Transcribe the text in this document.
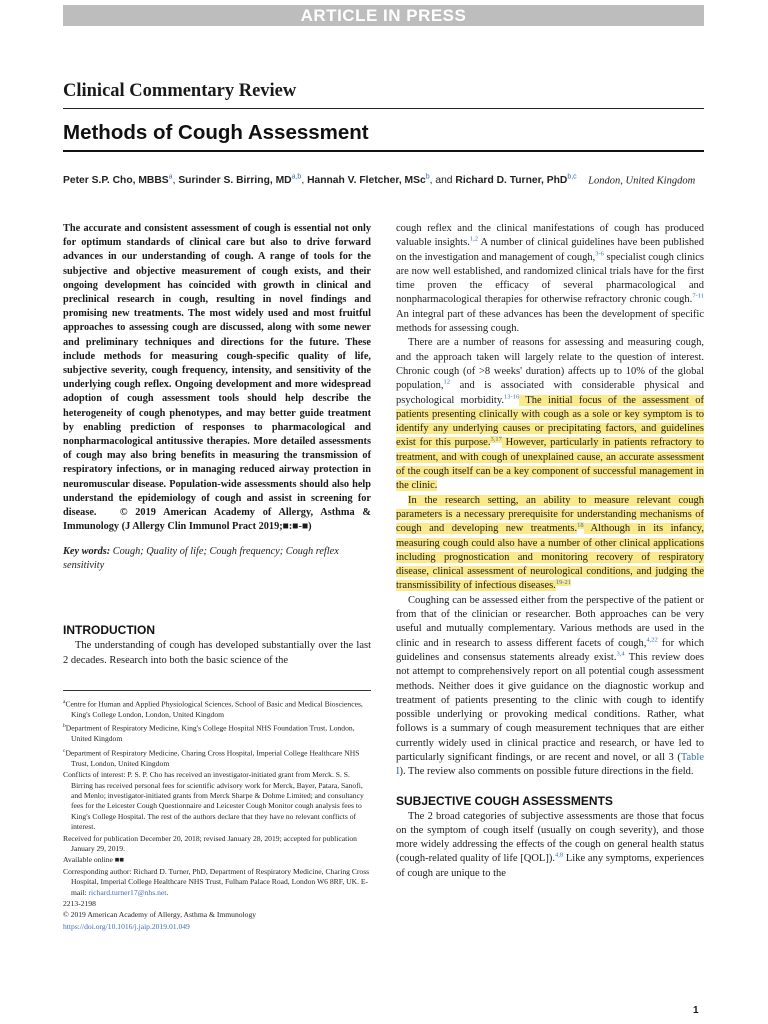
ARTICLE IN PRESS
Clinical Commentary Review
Methods of Cough Assessment
Peter S.P. Cho, MBBS$^a$, Surinder S. Birring, MD$^{a,b}$, Hannah V. Fletcher, MSc$^b$, and Richard D. Turner, PhD$^{b,c}$ London, United Kingdom

The accurate and consistent assessment of cough is essential not only for optimum standards of clinical care but also to drive forward advances in our understanding of cough. A range of tools for the subjective and objective measurement of cough exists, and their ongoing development has coincided with growth in clinical and preclinical research in cough, resulting in novel findings and promising new treatments. The most widely used and most fruitful approaches to assessing cough are discussed, along with some newer and preliminary techniques and directions for the future. These include methods for measuring cough-specific quality of life, subjective severity, cough frequency, intensity, and sensitivity of the underlying cough reflex. Ongoing development and more widespread adoption of cough assessment tools should help describe the heterogeneity of cough phenotypes, and may better guide treatment by enabling prediction of responses to pharmacological and nonpharmacological antitussive therapies. More detailed assessments of cough may also bring benefits in measuring the transmission of respiratory infections, or in managing reduced airway protection in neuromuscular disease. Population-wide assessments should also help understand the epidemiology of cough and assist in screening for disease. © 2019 American Academy of Allergy, Asthma & Immunology (J Allergy Clin Immunol Pract 2019;■:■-■)

Key words: Cough; Quality of life; Cough frequency; Cough reflex sensitivity

INTRODUCTION

The understanding of cough has developed substantially over the last 2 decades. Research into both the basic science of the

$^a$Centre for Human and Applied Physiological Sciences, School of Basic and Medical Biosciences, King's College London, London, United Kingdom

$^b$Department of Respiratory Medicine, King's College Hospital NHS Foundation Trust, London, United Kingdom

$^c$Department of Respiratory Medicine, Charing Cross Hospital, Imperial College Healthcare NHS Trust, London, United Kingdom

Conflicts of interest: P. S. P. Cho has received an investigator-initiated grant from Merck. S. S. Birring has received personal fees for scientific advisory work for Merck, Bayer, Patara, Sanofi, and Menlo; investigator-initiated grants from Merck Sharpe & Dohme Limited; and consultancy fees for the Leicester Cough Questionnaire and Leicester Cough Monitor cough analysis fees to King's College Hospital. The rest of the authors declare that they have no relevant conflicts of interest.

Received for publication December 20, 2018; revised January 28, 2019; accepted for publication January 29, 2019.

Available online ■■

Corresponding author: Richard D. Turner, PhD, Department of Respiratory Medicine, Charing Cross Hospital, Imperial College Healthcare NHS Trust, Fulham Palace Road, London W6 8RF, UK. E-mail: richard.turner17@nhs.net.

2213-2198

© 2019 American Academy of Allergy, Asthma & Immunology

https://doi.org/10.1016/j.jaip.2019.01.049

cough reflex and the clinical manifestations of cough has produced valuable insights.$^{1,2}$ A number of clinical guidelines have been published on the investigation and management of cough,$^{3-6}$ specialist cough clinics are now well established, and randomized clinical trials have for the first time proven the efficacy of several pharmacological and nonpharmacological therapies for otherwise refractory chronic cough.$^{7-11}$ An integral part of these advances has been the development of specific methods for assessing cough.

There are a number of reasons for assessing and measuring cough, and the approach taken will largely relate to the question of interest. Chronic cough (of >8 weeks' duration) affects up to 10% of the global population,$^{12}$ and is associated with considerable physical and psychological morbidity.$^{13-16}$ The initial focus of the assessment of patients presenting clinically with cough as a sole or key symptom is to identify any underlying causes or precipitating factors, and guidelines exist for this purpose.$^{3,17}$ However, particularly in patients refractory to treatment, and with cough of unexplained cause, an accurate assessment of the cough itself can be a key component of successful management in the clinic.

In the research setting, an ability to measure relevant cough parameters is a necessary prerequisite for understanding mechanisms of cough and developing new treatments.$^{18}$ Although in its infancy, measuring cough could also have a number of other clinical applications including prognostication and monitoring recovery of respiratory disease, clinical assessment of neurological conditions, and judging the transmissibility of infectious diseases.$^{19-21}$

Coughing can be assessed either from the perspective of the patient or from that of the clinician or researcher. Both approaches can be very useful and mutually complementary. Various methods are used in the clinic and in research to assess different facets of cough,$^{4,22}$ for which guidelines and consensus statements already exist.$^{3,4}$ This review does not attempt to comprehensively report on all potential cough assessment methods. Neither does it give guidance on the diagnostic workup and treatment of patients presenting to the clinic with cough to identify possible underlying or provoking medical conditions. Rather, what follows is a summary of cough measurement techniques that are either currently widely used in clinical practice and research, or have led to particularly significant findings, or are recent and novel, or all 3 (Table I). The review also comments on possible future directions in the field.

SUBJECTIVE COUGH ASSESSMENTS

The 2 broad categories of subjective assessments are those that focus on the symptom of cough itself (usually on cough severity), and those more widely addressing the effects of the cough on general health status (cough-related quality of life [QOL]).$^{4,8}$ Like any symptoms, experiences of cough are unique to the

1
